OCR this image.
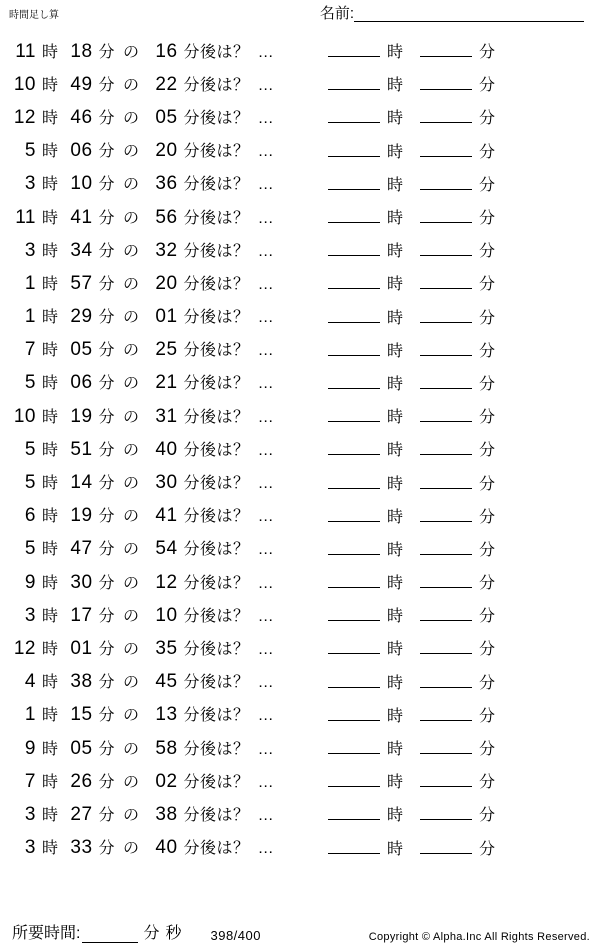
時間足し算	名前:
11 時 18 分 の 16 分後は？ …	時	分
10 時 49 分 の 22 分後は？ …	時	分
12 時 46 分 の 05 分後は？ …	時	分
5 時 06 分 の 20 分後は？ …	時	分
3 時 10 分 の 36 分後は？ …	時	分
11 時 41 分 の 56 分後は？ …	時	分
3 時 34 分 の 32 分後は？ …	時	分
1 時 57 分 の 20 分後は？ …	時	分
1 時 29 分 の 01 分後は？ …	時	分
7 時 05 分 の 25 分後は？ …	時	分
5 時 06 分 の 21 分後は？ …	時	分
10 時 19 分 の 31 分後は？ …	時	分
5 時 51 分 の 40 分後は？ …	時	分
5 時 14 分 の 30 分後は？ …	時	分
6 時 19 分 の 41 分後は？ …	時	分
5 時 47 分 の 54 分後は？ …	時	分
9 時 30 分 の 12 分後は？ …	時	分
3 時 17 分 の 10 分後は？ …	時	分
12 時 01 分 の 35 分後は？ …	時	分
4 時 38 分 の 45 分後は？ …	時	分
1 時 15 分 の 13 分後は？ …	時	分
9 時 05 分 の 58 分後は？ …	時	分
7 時 26 分 の 02 分後は？ …	時	分
3 時 27 分 の 38 分後は？ …	時	分
3 時 33 分 の 40 分後は？ …	時	分
所要時間:	分 秒 398/400	Copyright © Alpha.Inc All Rights Reserved.
